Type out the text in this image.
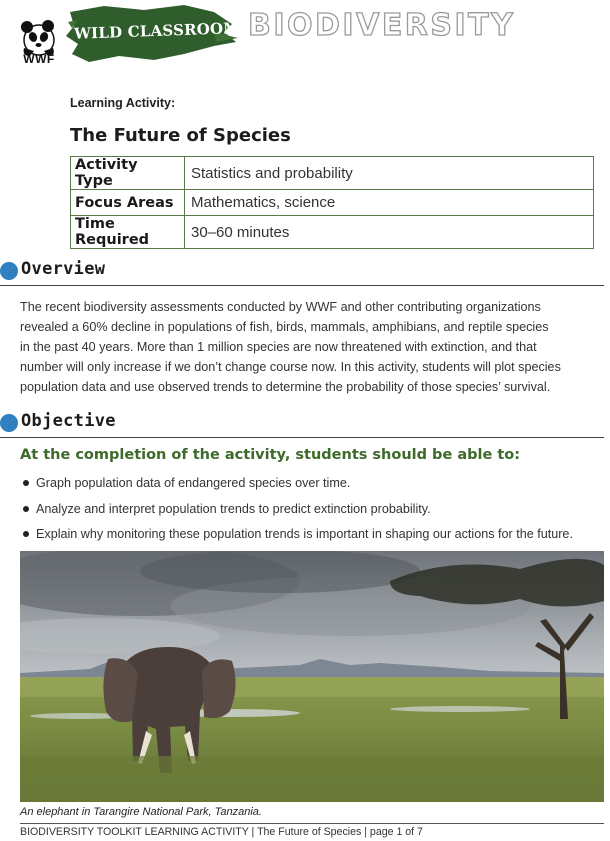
WWF
WILD CLASSROOM BIODIVERSITY
Learning Activity:
The Future of Species
Activity Type	Statistics and probability
Focus Areas	Mathematics, science
Time Required	30–60 minutes
Overview
The recent biodiversity assessments conducted by WWF and other contributing organizations
revealed a 60% decline in populations of fish, birds, mammals, amphibians, and reptile species
in the past 40 years. More than 1 million species are now threatened with extinction, and that
number will only increase if we don’t change course now. In this activity, students will plot species
population data and use observed trends to determine the probability of those species’ survival.
Objective
At the completion of the activity, students should be able to:
Graph population data of endangered species over time.
Analyze and interpret population trends to predict extinction probability.
Explain why monitoring these population trends is important in shaping our actions for the future.
An elephant in Tarangire National Park, Tanzania.
BIODIVERSITY TOOLKIT LEARNING ACTIVITY | The Future of Species | page 1 of 7
